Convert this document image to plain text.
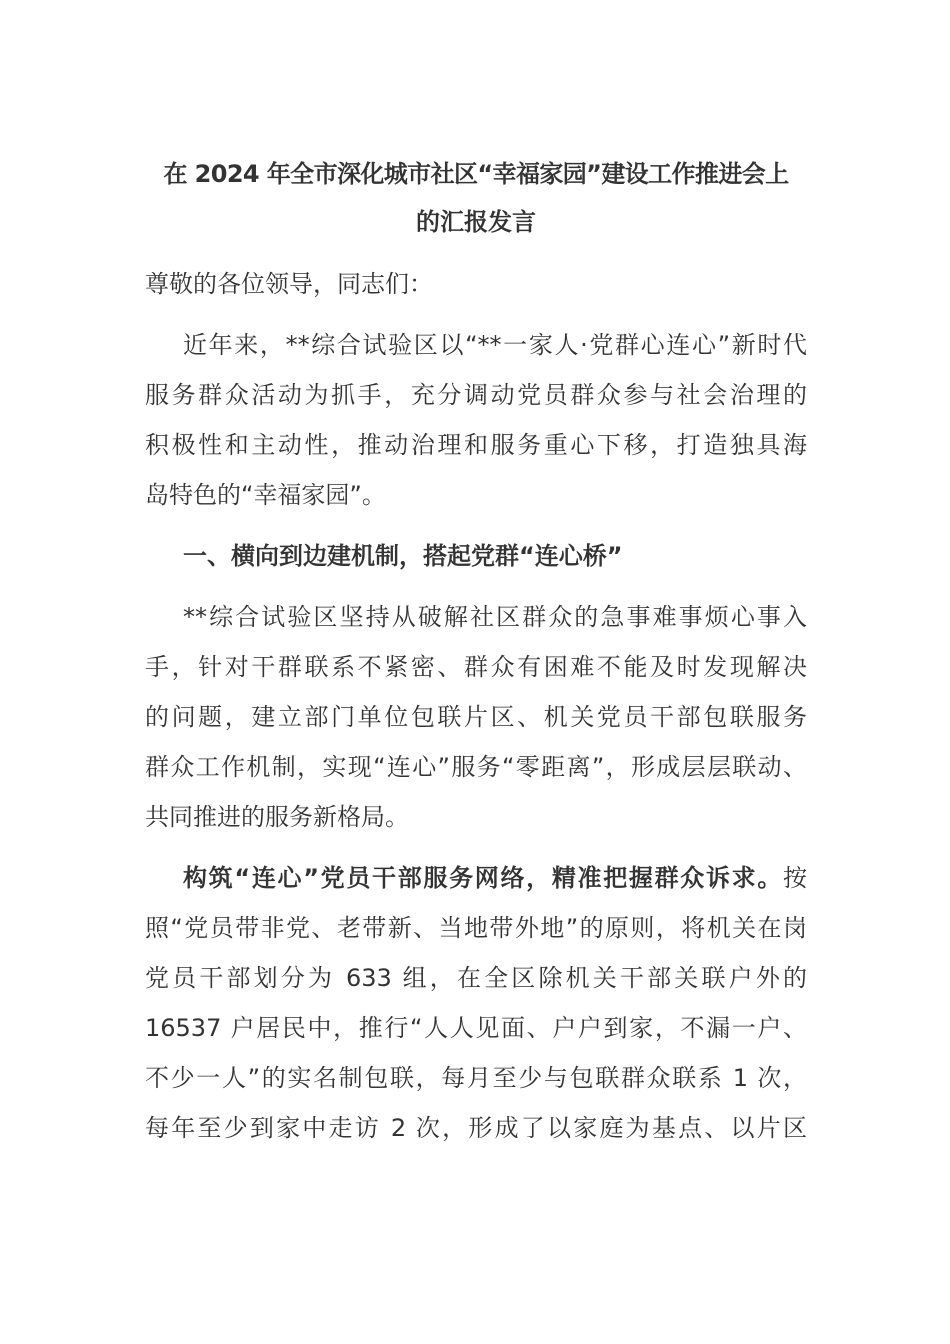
在 2024 年全市深化城市社区“幸福家园”建设工作推进会上
的汇报发言

尊敬的各位领导，同志们：

近年来，**综合试验区以“**一家人·党群心连心”新时代
服务群众活动为抓手，充分调动党员群众参与社会治理的
积极性和主动性，推动治理和服务重心下移，打造独具海
岛特色的“幸福家园”。

一、横向到边建机制，搭起党群“连心桥”

**综合试验区坚持从破解社区群众的急事难事烦心事入
手，针对干群联系不紧密、群众有困难不能及时发现解决
的问题，建立部门单位包联片区、机关党员干部包联服务
群众工作机制，实现“连心”服务“零距离”，形成层层联动、
共同推进的服务新格局。

构筑“连心”党员干部服务网络，精准把握群众诉求。按
照“党员带非党、老带新、当地带外地”的原则，将机关在岗
党员干部划分为 633 组，在全区除机关干部关联户外的
16537 户居民中，推行“人人见面、户户到家，不漏一户、
不少一人”的实名制包联，每月至少与包联群众联系 1 次，
每年至少到家中走访 2 次，形成了以家庭为基点、以片区
